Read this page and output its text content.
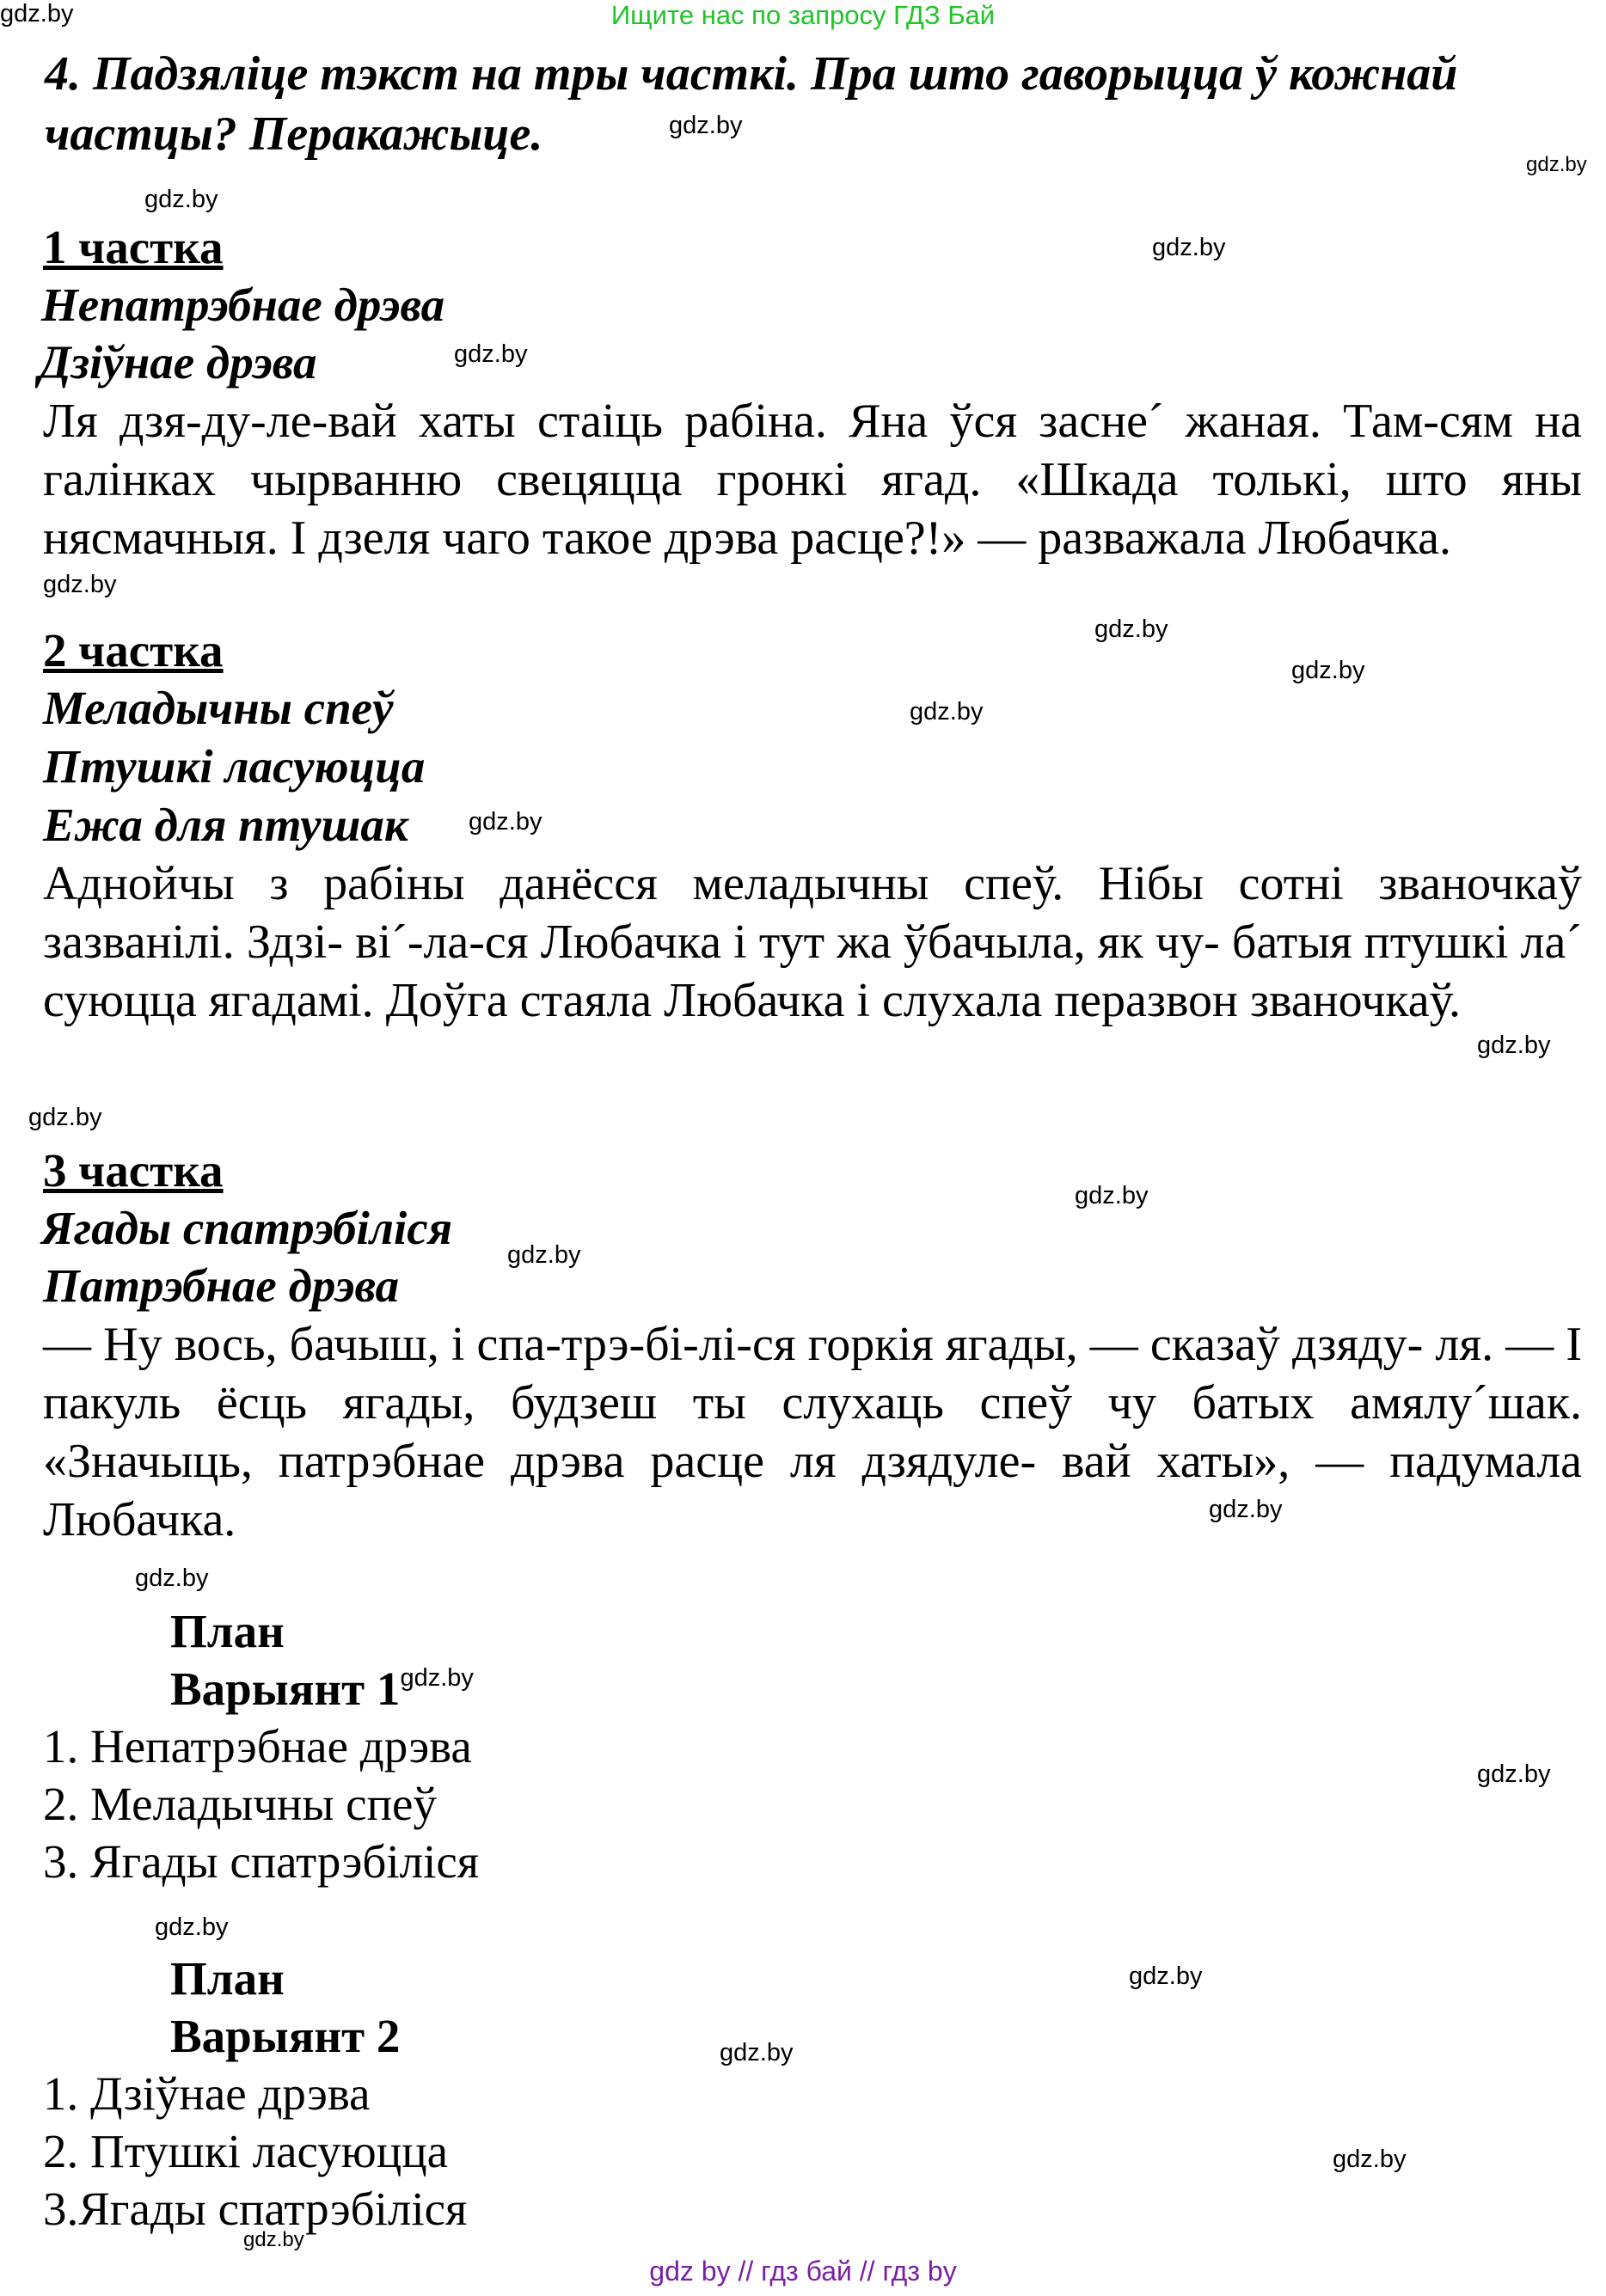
Ищите нас по запросу ГДЗ Бай
4. Падзяліце тэкст на тры часткі. Пра што гаворыцца ў кожнай
частцы? Перакажыце.
1 частка
Непатрэбнае дрэва
Дзіўнае дрэва
Ля дзя-ду-ле-вай хаты стаіць рабіна. Яна ўся засне´ жаная. Там-сям на галінках чырванню свецяцца гронкі ягад. «Шкада толькі, што яны нясмачныя. І дзеля чаго такое дрэва расце?!» — разважала Любачка.
2 частка
Меладычны спеў
Птушкі ласуюцца
Ежа для птушак
Аднойчы з рабіны данёсся меладычны спеў. Нібы сотні званочкаў зазванілі. Здзі- ві´-ла-ся Любачка і тут жа ўбачыла, як чу- батыя птушкі ла´ суюцца ягадамі. Доўга стаяла Любачка і слухала перазвон званочкаў.
3 частка
Ягады спатрэбіліся
Патрэбнае дрэва
— Ну вось, бачыш, і спа-трэ-бі-лі-ся горкія ягады, — сказаў дзяду- ля. — І пакуль ёсць ягады, будзеш ты слухаць спеў чу батых амялу´шак. «Значыць, патрэбнае дрэва расце ля дзядуле- вай хаты», — падумала Любачка.
План
Варыянт $1^{gdz.by}$
1. Непатрэбнае дрэва
2. Меладычны спеў
3. Ягады спатрэбіліся
План
Варыянт 2
1. Дзіўнае дрэва
2. Птушкі ласуюцца
3.Ягады спатрэбіліся
gdz.by
gdz.by
gdz.by
gdz.by
gdz.by
gdz.by
gdz.by
gdz.by
gdz.by
gdz.by
gdz.by
gdz.by
gdz.by
gdz.by
gdz.by
gdz.by
gdz.by
gdz.by
gdz.by
gdz.by
gdz.by
gdz.by
gdz.by
gdz by // гдз бай // гдз by
